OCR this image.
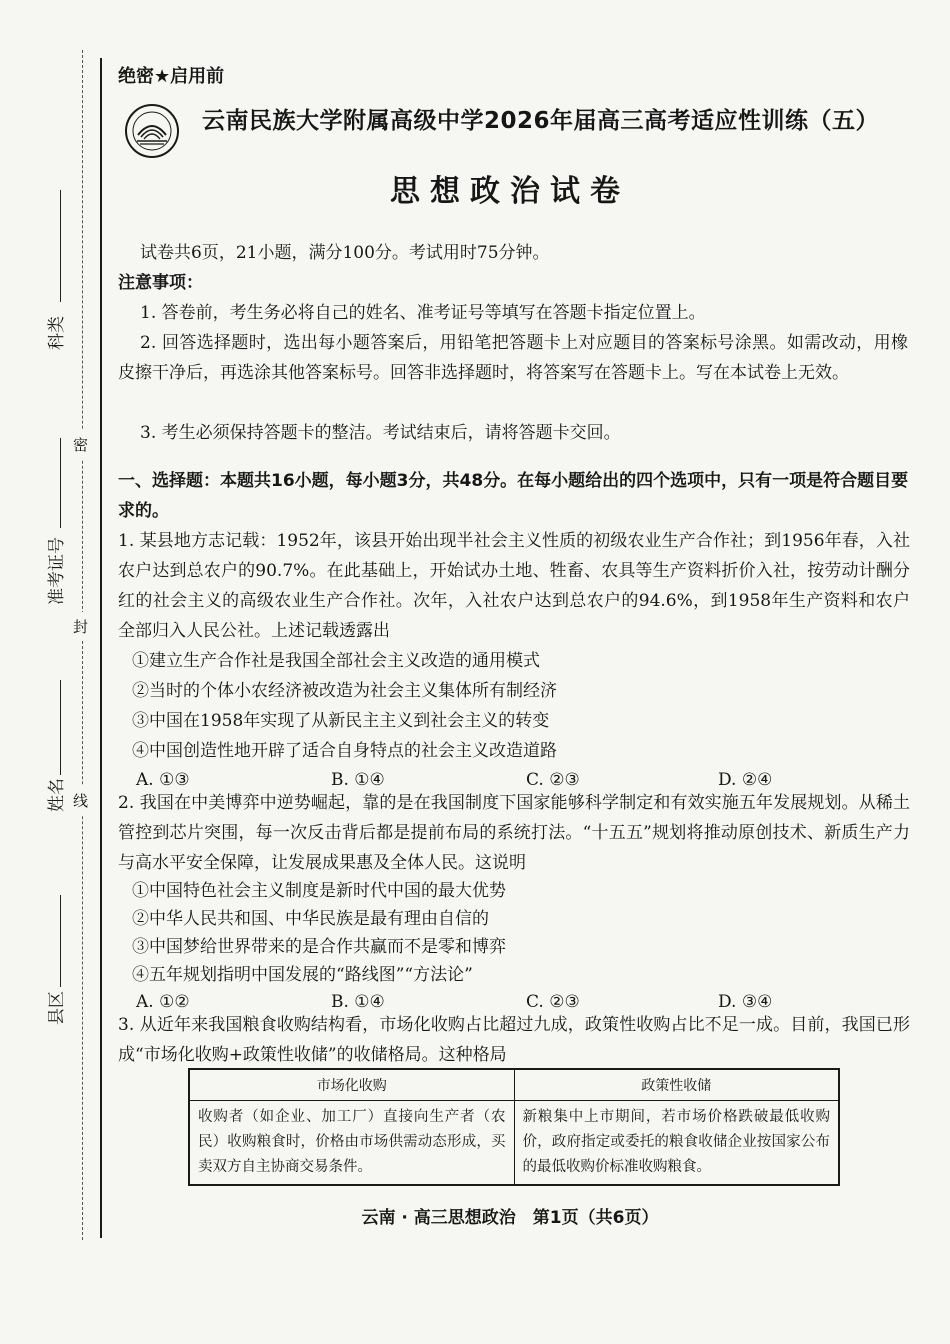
科类
准考证号
姓名
县区
密
封
线
绝密★启用前
云南民族大学附属高级中学2026年届高三高考适应性训练（五）
思想政治试卷
试卷共6页，21小题，满分100分。考试用时75分钟。
注意事项：
1. 答卷前，考生务必将自己的姓名、准考证号等填写在答题卡指定位置上。
2. 回答选择题时，选出每小题答案后，用铅笔把答题卡上对应题目的答案标号涂黑。如需改动，用橡皮擦干净后，再选涂其他答案标号。回答非选择题时，将答案写在答题卡上。写在本试卷上无效。
3. 考生必须保持答题卡的整洁。考试结束后，请将答题卡交回。
一、选择题：本题共16小题，每小题3分，共48分。在每小题给出的四个选项中，只有一项是符合题目要求的。
1. 某县地方志记载：1952年，该县开始出现半社会主义性质的初级农业生产合作社；到1956年春，入社农户达到总农户的90.7%。在此基础上，开始试办土地、牲畜、农具等生产资料折价入社，按劳动计酬分红的社会主义的高级农业生产合作社。次年，入社农户达到总农户的94.6%，到1958年生产资料和农户全部归入人民公社。上述记载透露出
①建立生产合作社是我国全部社会主义改造的通用模式
②当时的个体小农经济被改造为社会主义集体所有制经济
③中国在1958年实现了从新民主主义到社会主义的转变
④中国创造性地开辟了适合自身特点的社会主义改造道路
A. ①③	B. ①④	C. ②③	D. ②④
2. 我国在中美博弈中逆势崛起，靠的是在我国制度下国家能够科学制定和有效实施五年发展规划。从稀土管控到芯片突围，每一次反击背后都是提前布局的系统打法。“十五五”规划将推动原创技术、新质生产力与高水平安全保障，让发展成果惠及全体人民。这说明
①中国特色社会主义制度是新时代中国的最大优势
②中华人民共和国、中华民族是最有理由自信的
③中国梦给世界带来的是合作共赢而不是零和博弈
④五年规划指明中国发展的“路线图”“方法论”
A. ①②	B. ①④	C. ②③	D. ③④
3. 从近年来我国粮食收购结构看，市场化收购占比超过九成，政策性收购占比不足一成。目前，我国已形成“市场化收购+政策性收储”的收储格局。这种格局
市场化收购	政策性收储
收购者（如企业、加工厂）直接向生产者（农民）收购粮食时，价格由市场供需动态形成，买卖双方自主协商交易条件。	新粮集中上市期间，若市场价格跌破最低收购价，政府指定或委托的粮食收储企业按国家公布的最低收购价标准收购粮食。
云南 · 高三思想政治　第1页（共6页）
